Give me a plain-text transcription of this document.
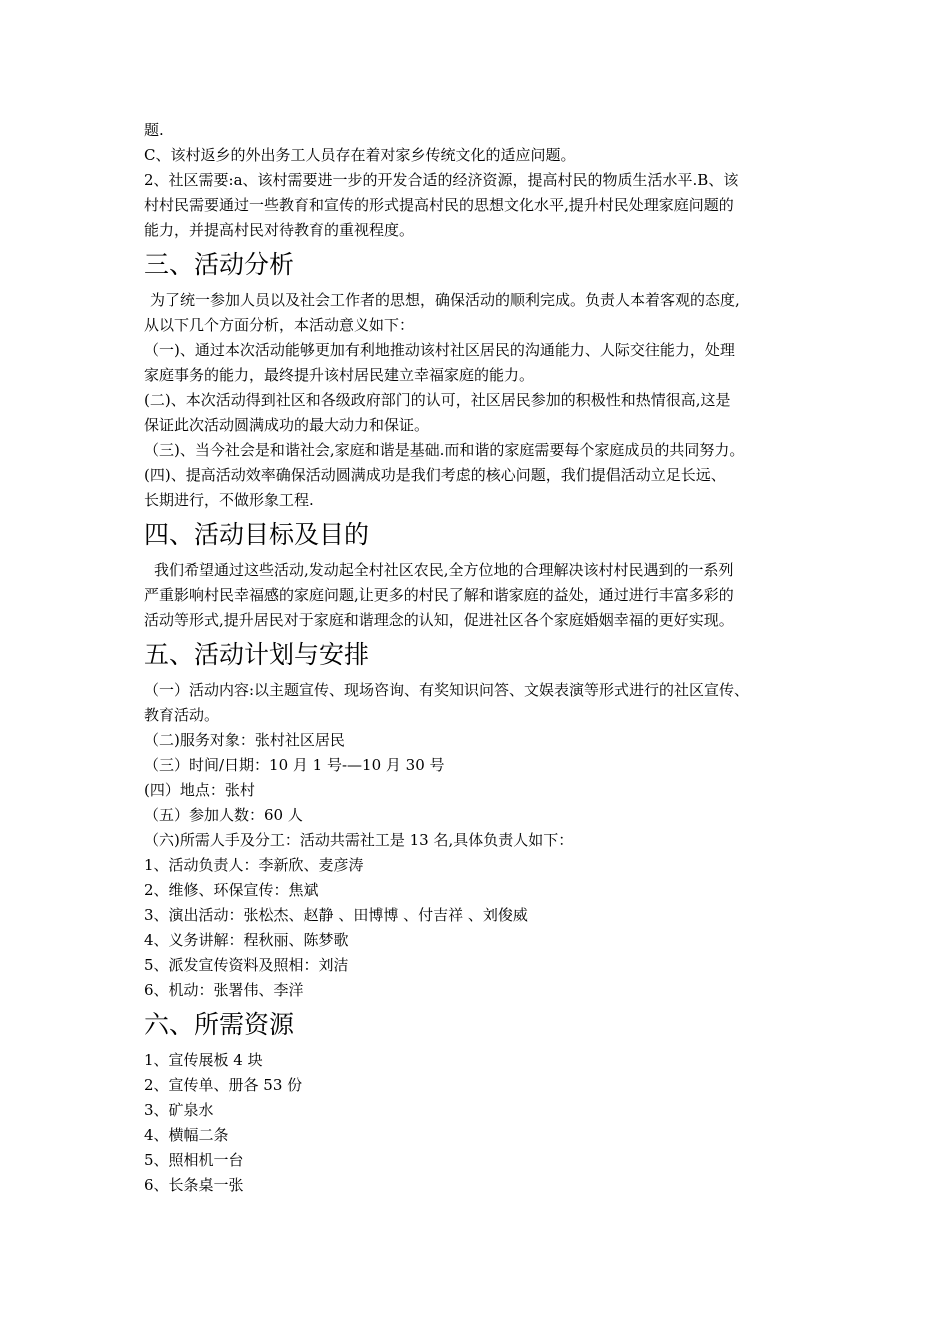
题.

C、该村返乡的外出务工人员存在着对家乡传统文化的适应问题。

2、社区需要:a、该村需要进一步的开发合适的经济资源，提高村民的物质生活水平.B、该

村村民需要通过一些教育和宣传的形式提高村民的思想文化水平,提升村民处理家庭问题的

能力，并提高村民对待教育的重视程度。

三、活动分析

为了统一参加人员以及社会工作者的思想，确保活动的顺利完成。负责人本着客观的态度,

从以下几个方面分析，本活动意义如下：

（一)、通过本次活动能够更加有利地推动该村社区居民的沟通能力、人际交往能力，处理

家庭事务的能力，最终提升该村居民建立幸福家庭的能力。

(二)、本次活动得到社区和各级政府部门的认可，社区居民参加的积极性和热情很高,这是

保证此次活动圆满成功的最大动力和保证。

（三)、当今社会是和谐社会,家庭和谐是基础.而和谐的家庭需要每个家庭成员的共同努力。

(四)、提高活动效率确保活动圆满成功是我们考虑的核心问题，我们提倡活动立足长远、

长期进行，不做形象工程.

四、活动目标及目的

我们希望通过这些活动,发动起全村社区农民,全方位地的合理解决该村村民遇到的一系列

严重影响村民幸福感的家庭问题,让更多的村民了解和谐家庭的益处，通过进行丰富多彩的

活动等形式,提升居民对于家庭和谐理念的认知，促进社区各个家庭婚姻幸福的更好实现。

五、活动计划与安排

（一）活动内容:以主题宣传、现场咨询、有奖知识问答、文娱表演等形式进行的社区宣传、

教育活动。

（二)服务对象：张村社区居民

（三）时间/日期：10 月 1 号-—10 月 30 号

(四）地点：张村

（五）参加人数：60 人

（六)所需人手及分工：活动共需社工是 13 名,具体负责人如下：

1、活动负责人：李新欣、麦彦涛

2、维修、环保宣传：焦斌

3、演出活动：张松杰、赵静 、田博博 、付吉祥 、刘俊威

4、义务讲解：程秋丽、陈梦歌

5、派发宣传资料及照相：刘洁

6、机动：张署伟、李洋

六、所需资源

1、宣传展板 4 块

2、宣传单、册各 53 份

3、矿泉水

4、横幅二条

5、照相机一台

6、长条桌一张
